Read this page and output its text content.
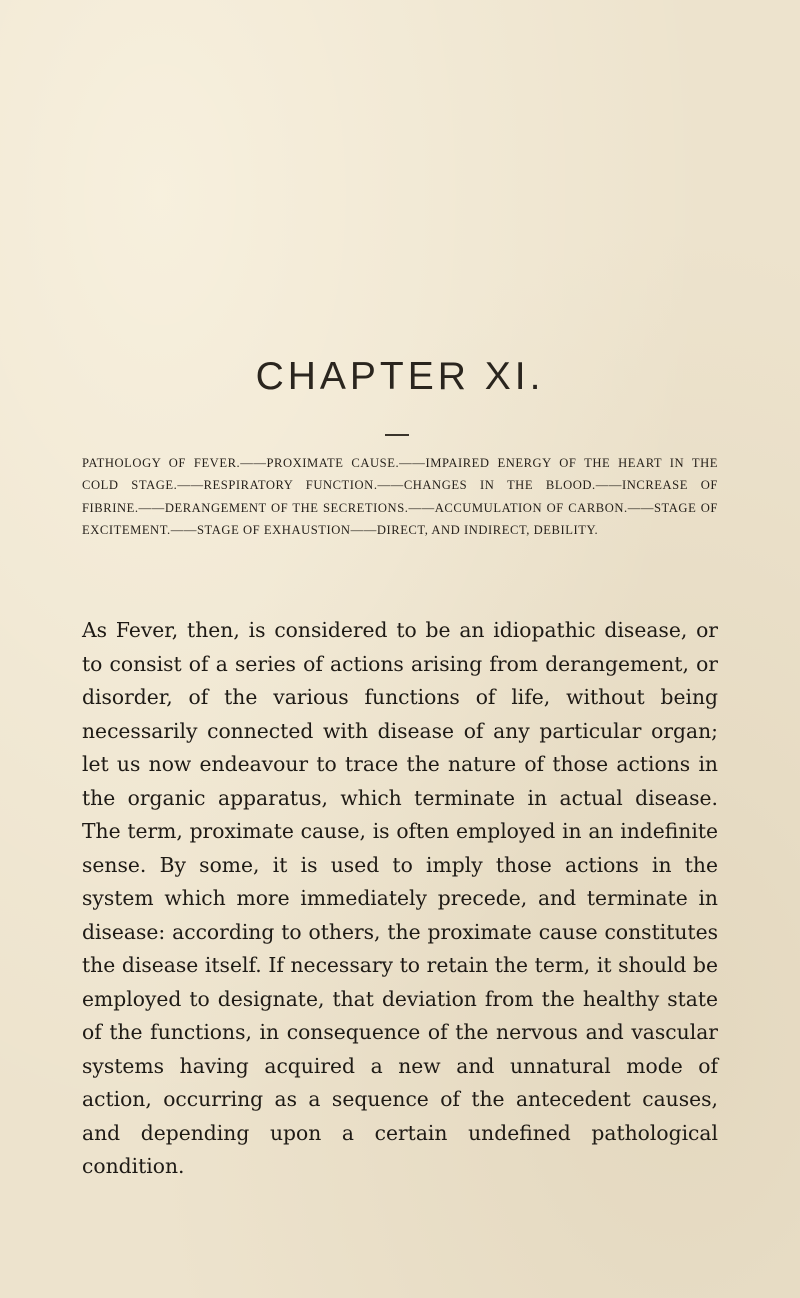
CHAPTER XI.

PATHOLOGY OF FEVER.——PROXIMATE CAUSE.——IMPAIRED ENERGY OF THE HEART IN THE COLD STAGE.——RESPIRATORY FUNCTION.——CHANGES IN THE BLOOD.——INCREASE OF FIBRINE.——DERANGEMENT OF THE SECRETIONS.——ACCUMULATION OF CARBON.——STAGE OF EXCITEMENT.——STAGE OF EXHAUSTION——DIRECT, AND INDIRECT, DEBILITY.

As Fever, then, is considered to be an idiopathic disease, or to consist of a series of actions arising from derangement, or disorder, of the various functions of life, without being necessarily connected with disease of any particular organ; let us now endeavour to trace the nature of those actions in the organic apparatus, which terminate in actual disease. The term, proximate cause, is often employed in an indefinite sense. By some, it is used to imply those actions in the system which more immediately precede, and terminate in disease: according to others, the proximate cause constitutes the disease itself. If necessary to retain the term, it should be employed to designate, that deviation from the healthy state of the functions, in consequence of the nervous and vascular systems having acquired a new and unnatural mode of action, occurring as a sequence of the antecedent causes, and depending upon a certain undefined pathological condition.
